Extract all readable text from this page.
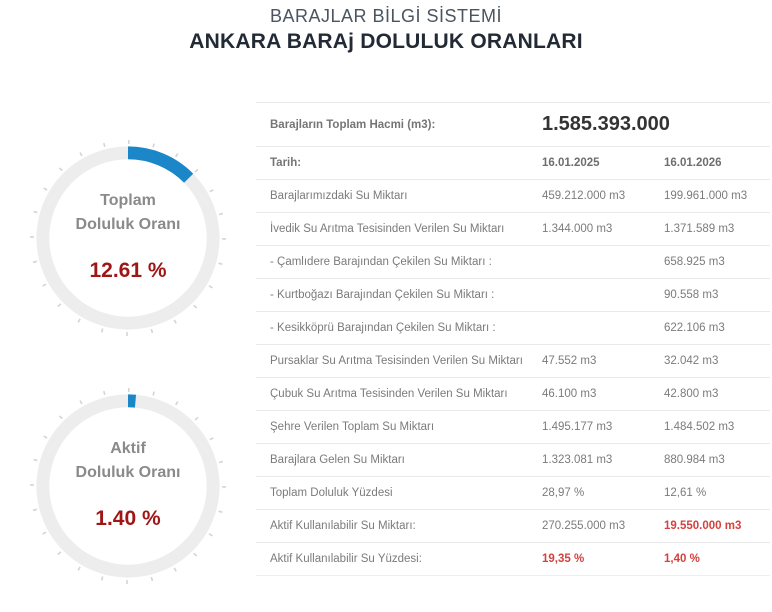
BARAJLAR BİLGİ SİSTEMİ
ANKARA BARAj DOLULUK ORANLARI
Toplam
Doluluk Oranı
12.61 %
Aktif
Doluluk Oranı
1.40 %
Barajların Toplam Hacmi (m3):	1.585.393.000	
Tarih:	16.01.2025	16.01.2026
Barajlarımızdaki Su Miktarı	459.212.000 m3	199.961.000 m3
İvedik Su Arıtma Tesisinden Verilen Su Miktarı	1.344.000 m3	1.371.589 m3
- Çamlıdere Barajından Çekilen Su Miktarı :		658.925 m3
- Kurtboğazı Barajından Çekilen Su Miktarı :		90.558 m3
- Kesikköprü Barajından Çekilen Su Miktarı :		622.106 m3
Pursaklar Su Arıtma Tesisinden Verilen Su Miktarı	47.552 m3	32.042 m3
Çubuk Su Arıtma Tesisinden Verilen Su Miktarı	46.100 m3	42.800 m3
Şehre Verilen Toplam Su Miktarı	1.495.177 m3	1.484.502 m3
Barajlara Gelen Su Miktarı	1.323.081 m3	880.984 m3
Toplam Doluluk Yüzdesi	28,97 %	12,61 %
Aktif Kullanılabilir Su Miktarı:	270.255.000 m3	19.550.000 m3
Aktif Kullanılabilir Su Yüzdesi:	19,35 %	1,40 %
